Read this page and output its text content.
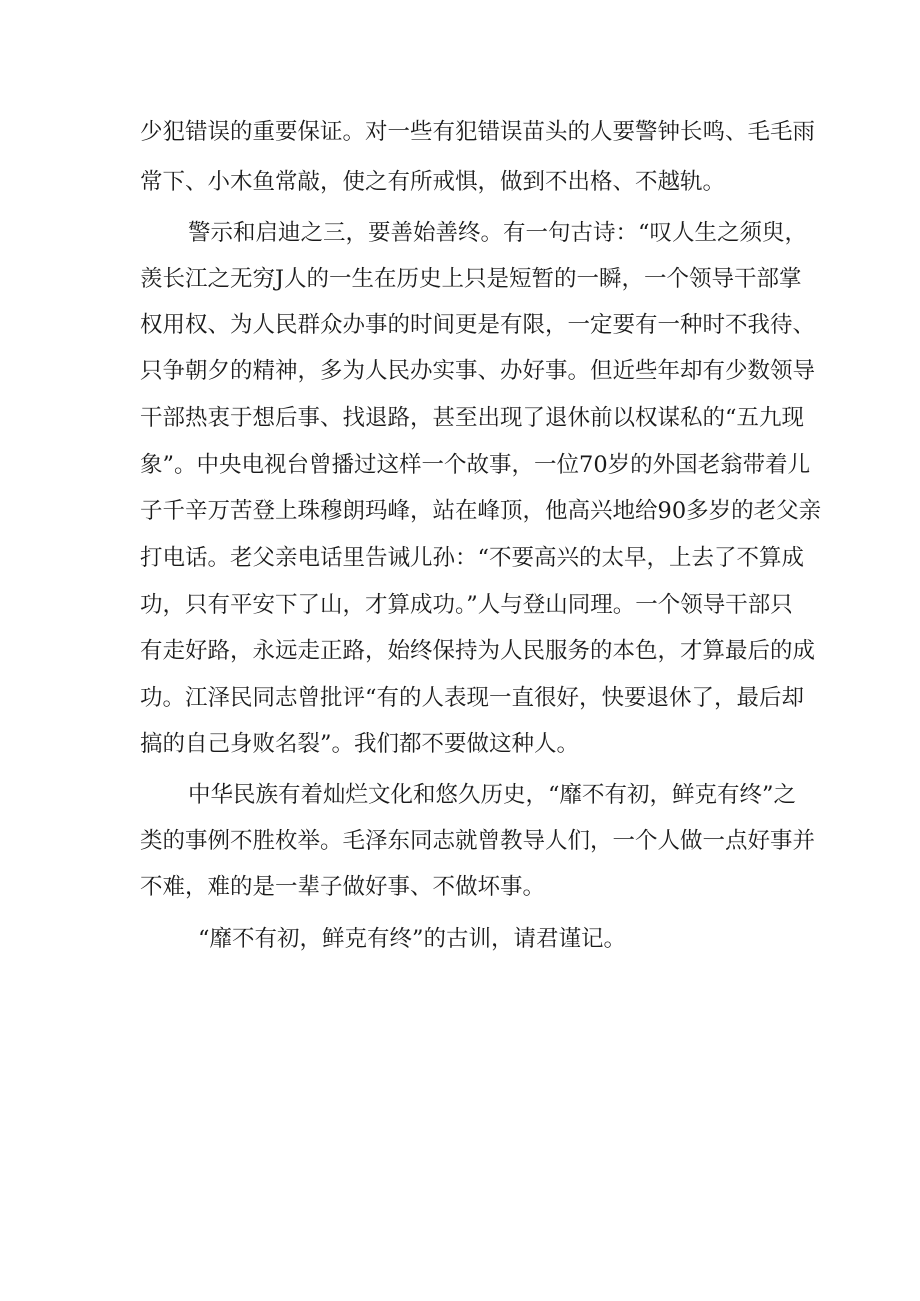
少犯错误的重要保证。对一些有犯错误苗头的人要警钟长鸣、毛毛雨

常下、小木鱼常敲，使之有所戒惧，做到不出格、不越轨。

警示和启迪之三，要善始善终。有一句古诗：“叹人生之须臾，

羡长江之无穷J人的一生在历史上只是短暂的一瞬，一个领导干部掌

权用权、为人民群众办事的时间更是有限，一定要有一种时不我待、

只争朝夕的精神，多为人民办实事、办好事。但近些年却有少数领导

干部热衷于想后事、找退路，甚至出现了退休前以权谋私的“五九现

象”。中央电视台曾播过这样一个故事，一位70岁的外国老翁带着儿

子千辛万苦登上珠穆朗玛峰，站在峰顶，他高兴地给90多岁的老父亲

打电话。老父亲电话里告诫儿孙：“不要高兴的太早，上去了不算成

功，只有平安下了山，才算成功。”人与登山同理。一个领导干部只

有走好路，永远走正路，始终保持为人民服务的本色，才算最后的成

功。江泽民同志曾批评“有的人表现一直很好，快要退休了，最后却

搞的自己身败名裂”。我们都不要做这种人。

中华民族有着灿烂文化和悠久历史，“靡不有初，鲜克有终”之

类的事例不胜枚举。毛泽东同志就曾教导人们，一个人做一点好事并

不难，难的是一辈子做好事、不做坏事。

“靡不有初，鲜克有终”的古训，请君谨记。
